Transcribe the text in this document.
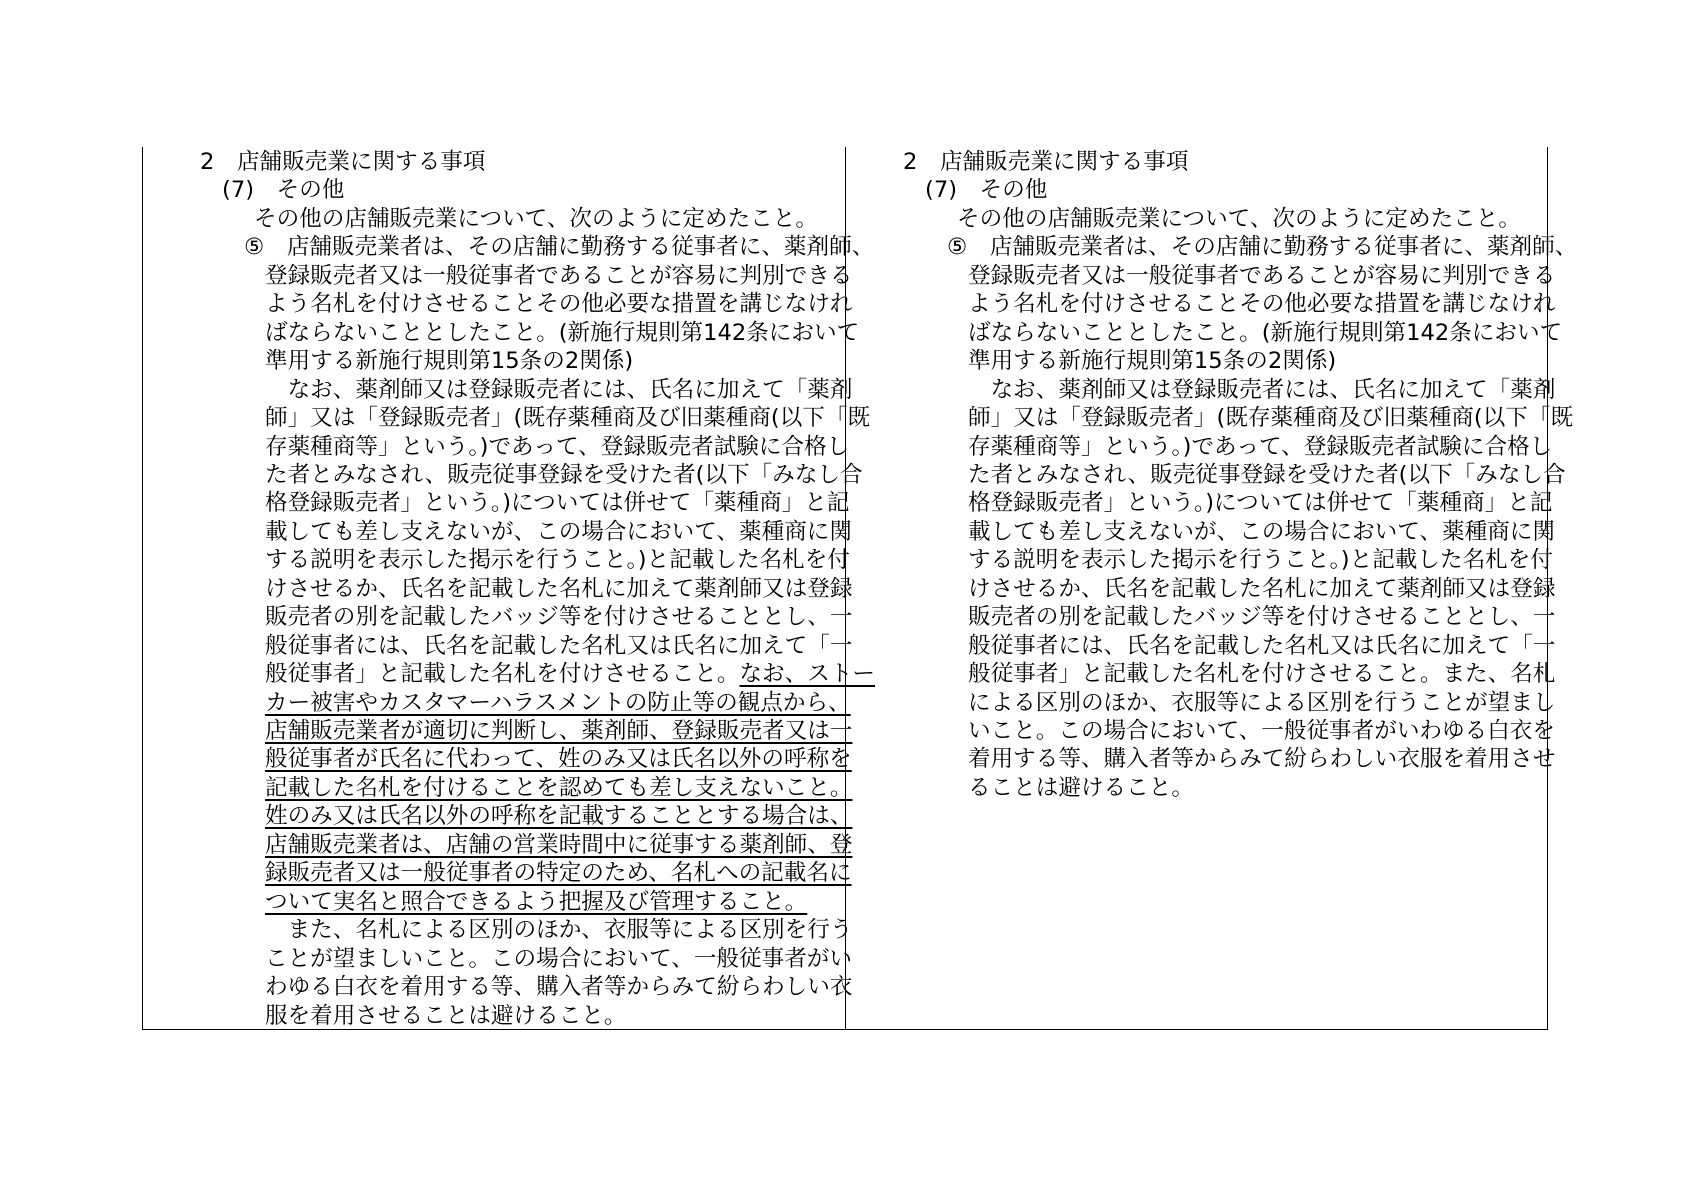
2　店舗販売業に関する事項
(7)　その他
その他の店舗販売業について、次のように定めたこと。
⑤　店舗販売業者は、その店舗に勤務する従事者に、薬剤師、
登録販売者又は一般従事者であることが容易に判別できる
よう名札を付けさせることその他必要な措置を講じなけれ
ばならないこととしたこと。(新施行規則第142条において
準用する新施行規則第15条の2関係)
　なお、薬剤師又は登録販売者には、氏名に加えて「薬剤
師」又は「登録販売者」(既存薬種商及び旧薬種商(以下「既
存薬種商等」という。)であって、登録販売者試験に合格し
た者とみなされ、販売従事登録を受けた者(以下「みなし合
格登録販売者」という。)については併せて「薬種商」と記
載しても差し支えないが、この場合において、薬種商に関
する説明を表示した掲示を行うこと。)と記載した名札を付
けさせるか、氏名を記載した名札に加えて薬剤師又は登録
販売者の別を記載したバッジ等を付けさせることとし、一
般従事者には、氏名を記載した名札又は氏名に加えて「一
般従事者」と記載した名札を付けさせること。なお、ストー
カー被害やカスタマーハラスメントの防止等の観点から、
店舗販売業者が適切に判断し、薬剤師、登録販売者又は一
般従事者が氏名に代わって、姓のみ又は氏名以外の呼称を
記載した名札を付けることを認めても差し支えないこと。
姓のみ又は氏名以外の呼称を記載することとする場合は、
店舗販売業者は、店舗の営業時間中に従事する薬剤師、登
録販売者又は一般従事者の特定のため、名札への記載名に
ついて実名と照合できるよう把握及び管理すること。
　また、名札による区別のほか、衣服等による区別を行う
ことが望ましいこと。この場合において、一般従事者がい
わゆる白衣を着用する等、購入者等からみて紛らわしい衣
服を着用させることは避けること。
2　店舗販売業に関する事項
(7)　その他
その他の店舗販売業について、次のように定めたこと。
⑤　店舗販売業者は、その店舗に勤務する従事者に、薬剤師、
登録販売者又は一般従事者であることが容易に判別できる
よう名札を付けさせることその他必要な措置を講じなけれ
ばならないこととしたこと。(新施行規則第142条において
準用する新施行規則第15条の2関係)
　なお、薬剤師又は登録販売者には、氏名に加えて「薬剤
師」又は「登録販売者」(既存薬種商及び旧薬種商(以下「既
存薬種商等」という。)であって、登録販売者試験に合格し
た者とみなされ、販売従事登録を受けた者(以下「みなし合
格登録販売者」という。)については併せて「薬種商」と記
載しても差し支えないが、この場合において、薬種商に関
する説明を表示した掲示を行うこと。)と記載した名札を付
けさせるか、氏名を記載した名札に加えて薬剤師又は登録
販売者の別を記載したバッジ等を付けさせることとし、一
般従事者には、氏名を記載した名札又は氏名に加えて「一
般従事者」と記載した名札を付けさせること。また、名札
による区別のほか、衣服等による区別を行うことが望まし
いこと。この場合において、一般従事者がいわゆる白衣を
着用する等、購入者等からみて紛らわしい衣服を着用させ
ることは避けること。
